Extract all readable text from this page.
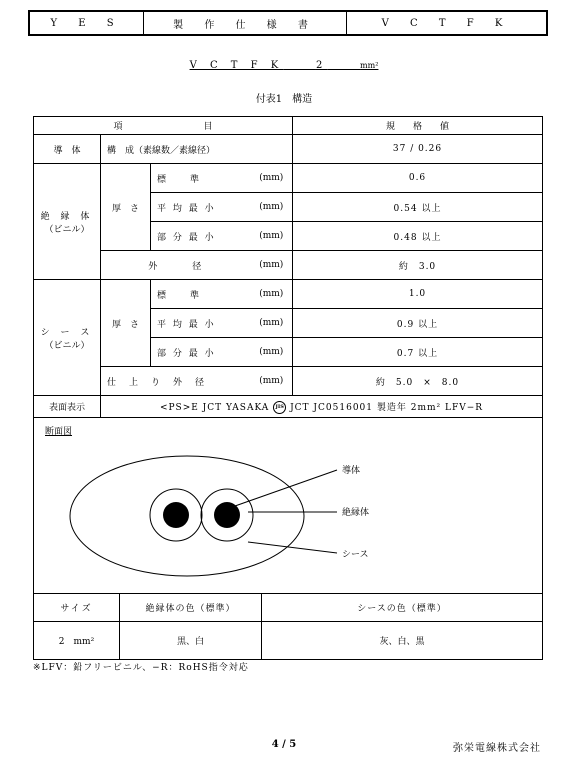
Y E S	製 作 仕 様 書	V C T F K
V C T F K	2	mm²
付表1　構造
項　　　　　　　　　目				規　　格　　値
導　体	構　成（素線数／素線径）			37 / 0.26

絶 縁 体
（ビニル）	厚　さ	標　　準	(mm)	0.6
		平 均 最 小	(mm)	0.54 以上
		部 分 最 小	(mm)	0.48 以上
	外　　　径		(mm)	約　3.0

シ ー ス
（ビニル）	厚　さ	標　　準	(mm)	1.0
		平 均 最 小	(mm)	0.9 以上
		部 分 最 小	(mm)	0.7 以上
	仕　上　り　外　径		(mm)	約　5.0　×　8.0
表面表示	<PS>E JCT YASAKA JIS JCT JC0516001 製造年 2mm² LFV−R			
断面図
導体
絶縁体
シース
サイズ	絶縁体の色（標準）	シースの色（標準）
2　mm²	黒、白	灰、白、黒
※LFV：鉛フリービニル、−R：RoHS指令対応
4 / 5	弥栄電線株式会社
